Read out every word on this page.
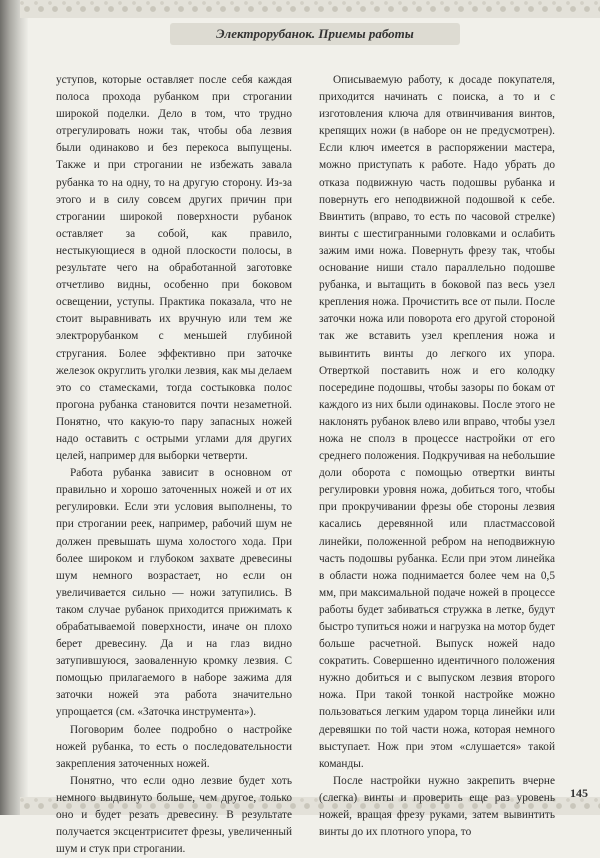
Электрорубанок. Приемы работы

уступов, которые оставляет после себя каждая полоса прохода рубанком при строгании широкой поделки. Дело в том, что трудно отрегулировать ножи так, чтобы оба лезвия были одинаково и без перекоса выпущены. Также и при строгании не избежать завала рубанка то на одну, то на другую сторону. Из-за этого и в силу совсем других причин при строгании широкой поверхности рубанок оставляет за собой, как правило, нестыкующиеся в одной плоскости полосы, в результате чего на обработанной заготовке отчетливо видны, особенно при боковом освещении, уступы. Практика показала, что не стоит выравнивать их вручную или тем же электрорубанком с меньшей глубиной стругания. Более эффективно при заточке железок округлить уголки лезвия, как мы делаем это со стамесками, тогда состыковка полос прогона рубанка становится почти незаметной. Понятно, что какую-то пару запасных ножей надо оставить с острыми углами для других целей, например для выборки четверти.

Работа рубанка зависит в основном от правильно и хорошо заточенных ножей и от их регулировки. Если эти условия выполнены, то при строгании реек, например, рабочий шум не должен превышать шума холостого хода. При более широком и глубоком захвате древесины шум немного возрастает, но если он увеличивается сильно — ножи затупились. В таком случае рубанок приходится прижимать к обрабатываемой поверхности, иначе он плохо берет древесину. Да и на глаз видно затупившуюся, заоваленную кромку лезвия. С помощью прилагаемого в наборе зажима для заточки ножей эта работа значительно упрощается (см. «Заточка инструмента»).

Поговорим более подробно о настройке ножей рубанка, то есть о последовательности закрепления заточенных ножей.

Понятно, что если одно лезвие будет хоть немного выдвинуто больше, чем другое, только оно и будет резать древесину. В результате получается эксцентриситет фрезы, увеличенный шум и стук при строгании.

Описываемую работу, к досаде покупателя, приходится начинать с поиска, а то и с изготовления ключа для отвинчивания винтов, крепящих ножи (в наборе он не предусмотрен). Если ключ имеется в распоряжении мастера, можно приступать к работе. Надо убрать до отказа подвижную часть подошвы рубанка и повернуть его неподвижной подошвой к себе. Ввинтить (вправо, то есть по часовой стрелке) винты с шестигранными головками и ослабить зажим ими ножа. Повернуть фрезу так, чтобы основание ниши стало параллельно подошве рубанка, и вытащить в боковой паз весь узел крепления ножа. Прочистить все от пыли. После заточки ножа или поворота его другой стороной так же вставить узел крепления ножа и вывинтить винты до легкого их упора. Отверткой поставить нож и его колодку посередине подошвы, чтобы зазоры по бокам от каждого из них были одинаковы. После этого не наклонять рубанок влево или вправо, чтобы узел ножа не сполз в процессе настройки от его среднего положения. Подкручивая на небольшие доли оборота с помощью отвертки винты регулировки уровня ножа, добиться того, чтобы при прокручивании фрезы обе стороны лезвия касались деревянной или пластмассовой линейки, положенной ребром на неподвижную часть подошвы рубанка. Если при этом линейка в области ножа поднимается более чем на 0,5 мм, при максимальной подаче ножей в процессе работы будет забиваться стружка в летке, будут быстро тупиться ножи и нагрузка на мотор будет больше расчетной. Выпуск ножей надо сократить. Совершенно идентичного положения нужно добиться и с выпуском лезвия второго ножа. При такой тонкой настройке можно пользоваться легким ударом торца линейки или деревяшки по той части ножа, которая немного выступает. Нож при этом «слушается» такой команды.

После настройки нужно закрепить вчерне (слегка) винты и проверить еще раз уровень ножей, вращая фрезу руками, затем вывинтить винты до их плотного упора, то

145
